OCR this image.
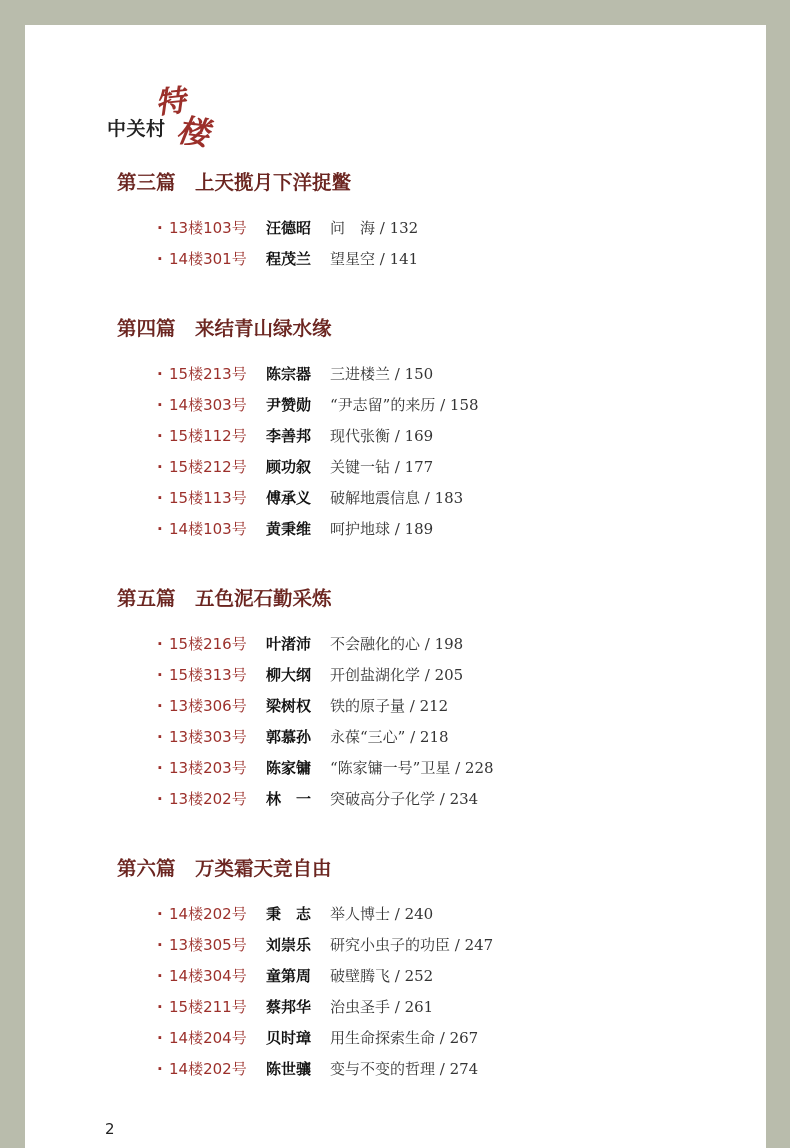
中关村
特
楼
第三篇　上天揽月下洋捉鳖
· 13楼103号	汪德昭	问　海 / 132
· 14楼301号	程茂兰	望星空 / 141
第四篇　来结青山绿水缘
· 15楼213号	陈宗器	三进楼兰 / 150
· 14楼303号	尹赞勋	“尹志留”的来历 / 158
· 15楼112号	李善邦	现代张衡 / 169
· 15楼212号	顾功叙	关键一钻 / 177
· 15楼113号	傅承义	破解地震信息 / 183
· 14楼103号	黄秉维	呵护地球 / 189
第五篇　五色泥石勤采炼
· 15楼216号	叶渚沛	不会融化的心 / 198
· 15楼313号	柳大纲	开创盐湖化学 / 205
· 13楼306号	梁树权	铁的原子量 / 212
· 13楼303号	郭慕孙	永葆“三心” / 218
· 13楼203号	陈家镛	“陈家镛一号”卫星 / 228
· 13楼202号	林　一	突破高分子化学 / 234
第六篇　万类霜天竞自由
· 14楼202号	秉　志	举人博士 / 240
· 13楼305号	刘崇乐	研究小虫子的功臣 / 247
· 14楼304号	童第周	破壁腾飞 / 252
· 15楼211号	蔡邦华	治虫圣手 / 261
· 14楼204号	贝时璋	用生命探索生命 / 267
· 14楼202号	陈世骧	变与不变的哲理 / 274
2
